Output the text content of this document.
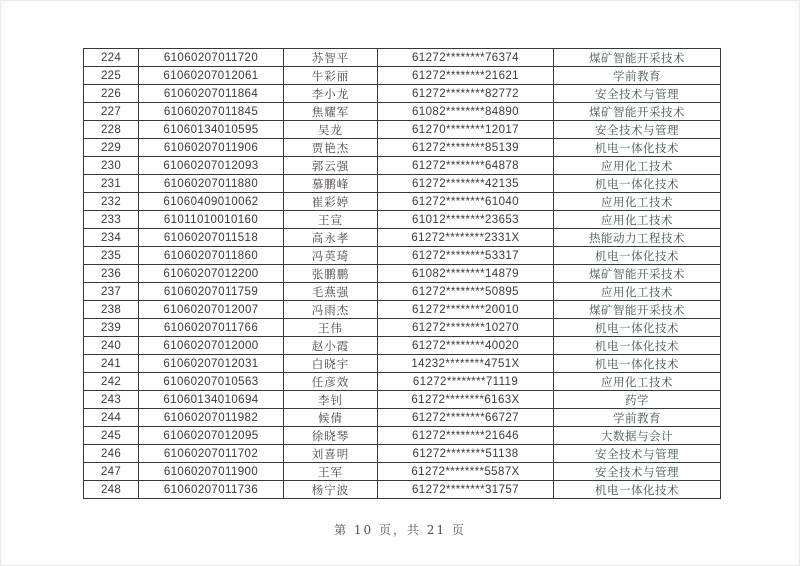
224	61060207011720	苏智平	61272********76374	煤矿智能开采技术
225	61060207012061	牛彩丽	61272********21621	学前教育
226	61060207011864	李小龙	61272********82772	安全技术与管理
227	61060207011845	焦耀军	61082********84890	煤矿智能开采技术
228	61060134010595	吴龙	61270********12017	安全技术与管理
229	61060207011906	贾艳杰	61272********85139	机电一体化技术
230	61060207012093	郭云强	61272********64878	应用化工技术
231	61060207011880	慕鹏峰	61272********42135	机电一体化技术
232	61060409010062	崔彩婷	61272********61040	应用化工技术
233	61011010010160	王宣	61012********23653	应用化工技术
234	61060207011518	高永孝	61272********2331X	热能动力工程技术
235	61060207011860	冯英琦	61272********53317	机电一体化技术
236	61060207012200	张鹏鹏	61082********14879	煤矿智能开采技术
237	61060207011759	毛燕强	61272********50895	应用化工技术
238	61060207012007	冯雨杰	61272********20010	煤矿智能开采技术
239	61060207011766	王伟	61272********10270	机电一体化技术
240	61060207012000	赵小霞	61272********40020	机电一体化技术
241	61060207012031	白晓宇	14232********4751X	机电一体化技术
242	61060207010563	任彦效	61272********71119	应用化工技术
243	61060134010694	李钊	61272********6163X	药学
244	61060207011982	候倩	61272********66727	学前教育
245	61060207012095	徐晓琴	61272********21646	大数据与会计
246	61060207011702	刘喜明	61272********51138	安全技术与管理
247	61060207011900	王军	61272********5587X	安全技术与管理
248	61060207011736	杨宁波	61272********31757	机电一体化技术
第 10 页，共 21 页
